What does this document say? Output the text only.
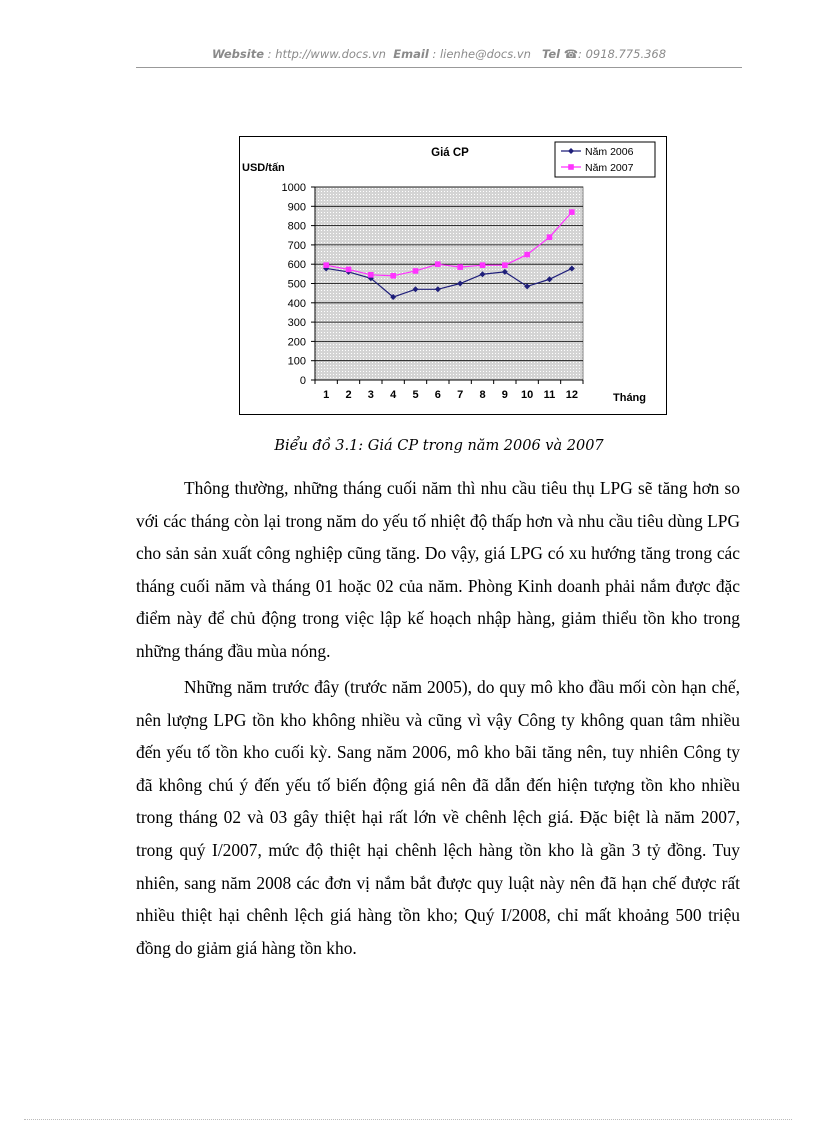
Website : http://www.docs.vn Email : lienhe@docs.vn Tel ☎: 0918.775.368
0
100
200
300
400
500
600
700
800
900
1000
1 2 3 4 5 6 7 8 9 10 11 12
Giá CP
USD/tấn
Tháng
Năm 2006
Năm 2007
Biểu đồ 3.1: Giá CP trong năm 2006 và 2007

Thông thường, những tháng cuối năm thì nhu cầu tiêu thụ LPG sẽ tăng hơn so với các tháng còn lại trong năm do yếu tố nhiệt độ thấp hơn và nhu cầu tiêu dùng LPG cho sản sản xuất công nghiệp cũng tăng. Do vậy, giá LPG có xu hướng tăng trong các tháng cuối năm và tháng 01 hoặc 02 của năm. Phòng Kinh doanh phải nắm được đặc điểm này để chủ động trong việc lập kế hoạch nhập hàng, giảm thiểu tồn kho trong những tháng đầu mùa nóng.

Những năm trước đây (trước năm 2005), do quy mô kho đầu mối còn hạn chế, nên lượng LPG tồn kho không nhiều và cũng vì vậy Công ty không quan tâm nhiều đến yếu tố tồn kho cuối kỳ. Sang năm 2006, mô kho bãi tăng nên, tuy nhiên Công ty đã không chú ý đến yếu tố biến động giá nên đã dẫn đến hiện tượng tồn kho nhiều trong tháng 02 và 03 gây thiệt hại rất lớn về chênh lệch giá. Đặc biệt là năm 2007, trong quý I/2007, mức độ thiệt hại chênh lệch hàng tồn kho là gần 3 tỷ đồng. Tuy nhiên, sang năm 2008 các đơn vị nắm bắt được quy luật này nên đã hạn chế được rất nhiều thiệt hại chênh lệch giá hàng tồn kho; Quý I/2008, chỉ mất khoảng 500 triệu đồng do giảm giá hàng tồn kho.
